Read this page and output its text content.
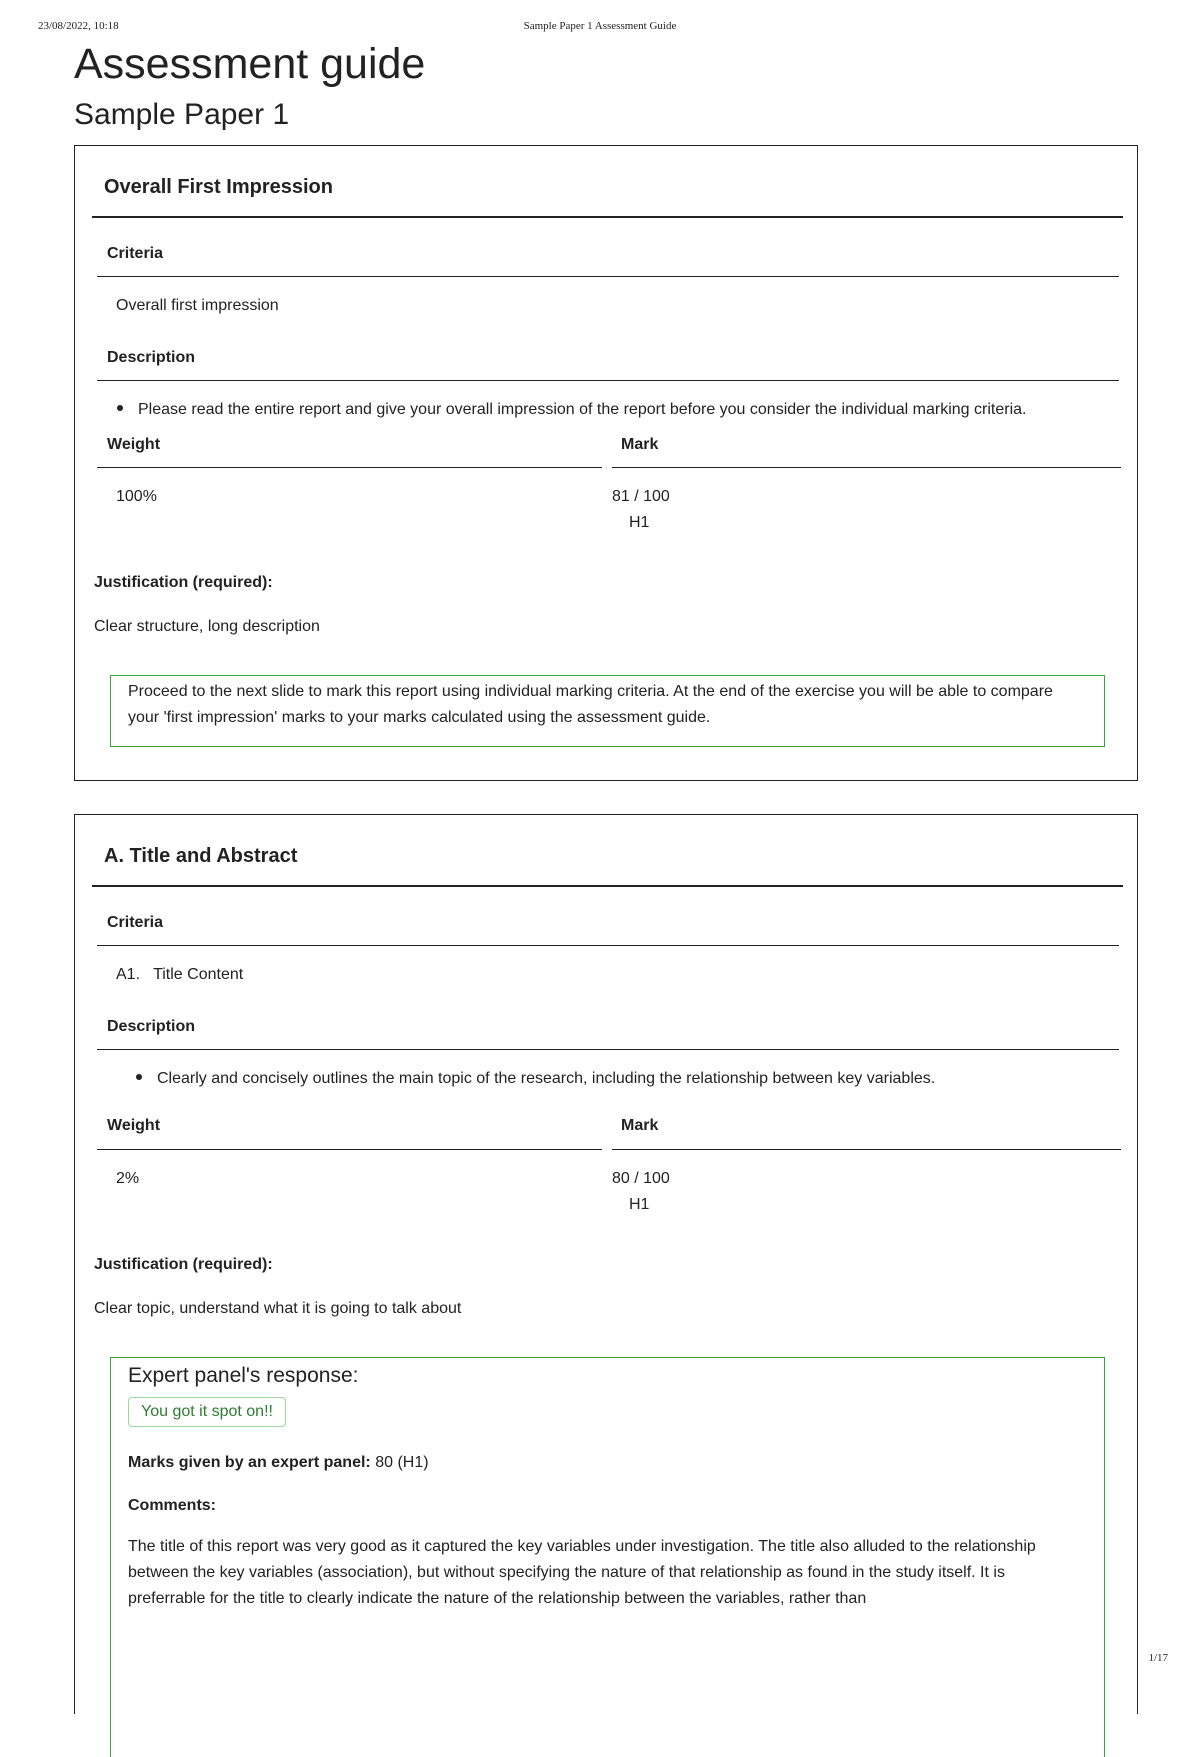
23/08/2022, 10:18	Sample Paper 1 Assessment Guide
Assessment guide
Sample Paper 1
Overall First Impression
Criteria
Overall first impression
Description
Please read the entire report and give your overall impression of the report before you consider the individual marking criteria.
Weight	Mark
100%	81 / 100
H1
Justification (required):
Clear structure, long description

Proceed to the next slide to mark this report using individual marking criteria. At the end of the exercise you will be able to compare your 'first impression' marks to your marks calculated using the assessment guide.

A. Title and Abstract
Criteria
A1.   Title Content
Description
Clearly and concisely outlines the main topic of the research, including the relationship between key variables.
Weight	Mark
2%	80 / 100
H1
Justification (required):
Clear topic, understand what it is going to talk about
Expert panel's response:
You got it spot on!!
Marks given by an expert panel: 80 (H1)
Comments:

The title of this report was very good as it captured the key variables under investigation. The title also alluded to the relationship between the key variables (association), but without specifying the nature of that relationship as found in the study itself. It is preferrable for the title to clearly indicate the nature of the relationship between the variables, rather than

1/17
